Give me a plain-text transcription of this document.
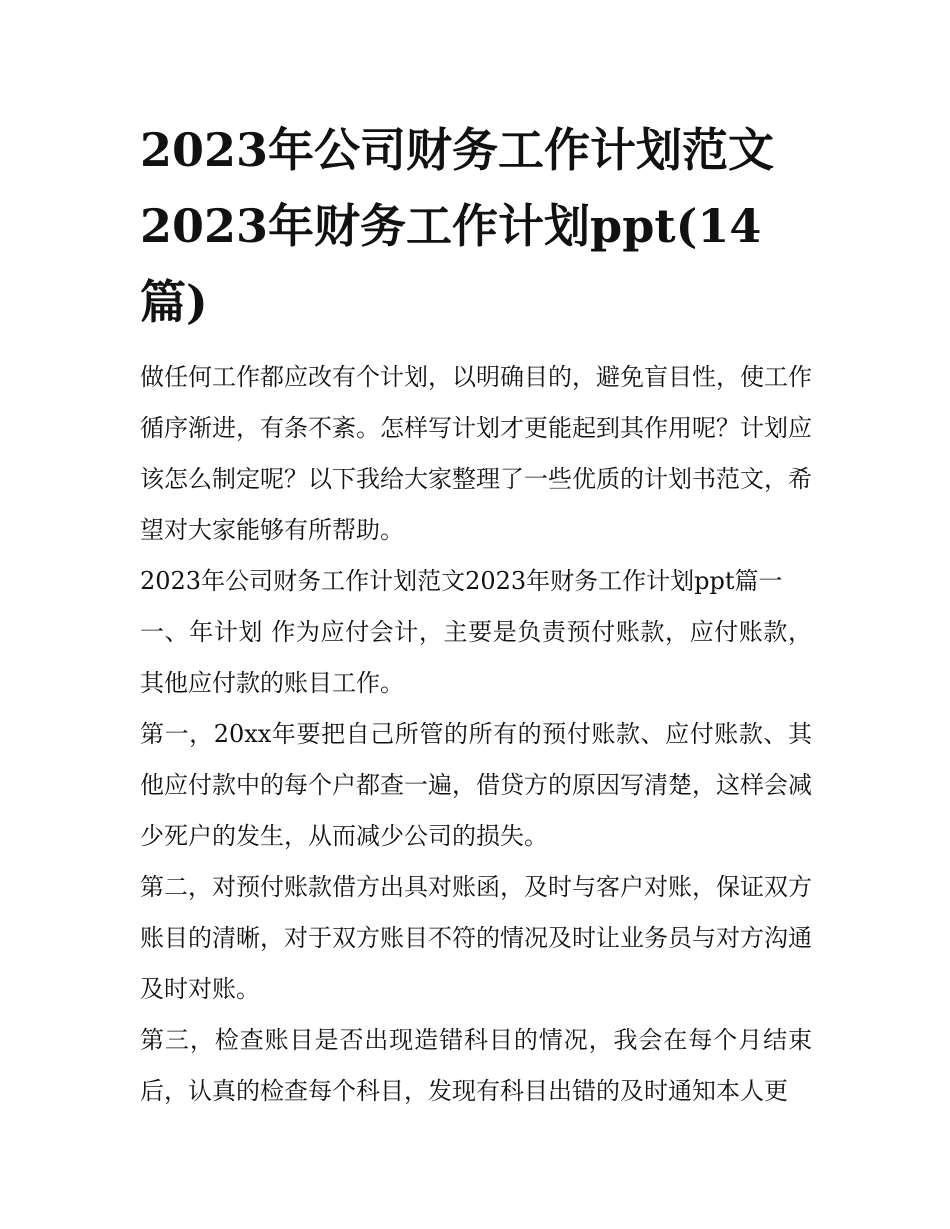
2023年公司财务工作计划范文2023年财务工作计划ppt(14篇)

做任何工作都应改有个计划，以明确目的，避免盲目性，使工作循序渐进，有条不紊。怎样写计划才更能起到其作用呢？计划应该怎么制定呢？以下我给大家整理了一些优质的计划书范文，希望对大家能够有所帮助。

2023年公司财务工作计划范文2023年财务工作计划ppt篇一

一、年计划 作为应付会计，主要是负责预付账款，应付账款，其他应付款的账目工作。

第一，20xx年要把自己所管的所有的预付账款、应付账款、其他应付款中的每个户都查一遍，借贷方的原因写清楚，这样会减少死户的发生，从而减少公司的损失。

第二，对预付账款借方出具对账函，及时与客户对账，保证双方账目的清晰，对于双方账目不符的情况及时让业务员与对方沟通及时对账。

第三，检查账目是否出现造错科目的情况，我会在每个月结束后，认真的检查每个科目，发现有科目出错的及时通知本人更
